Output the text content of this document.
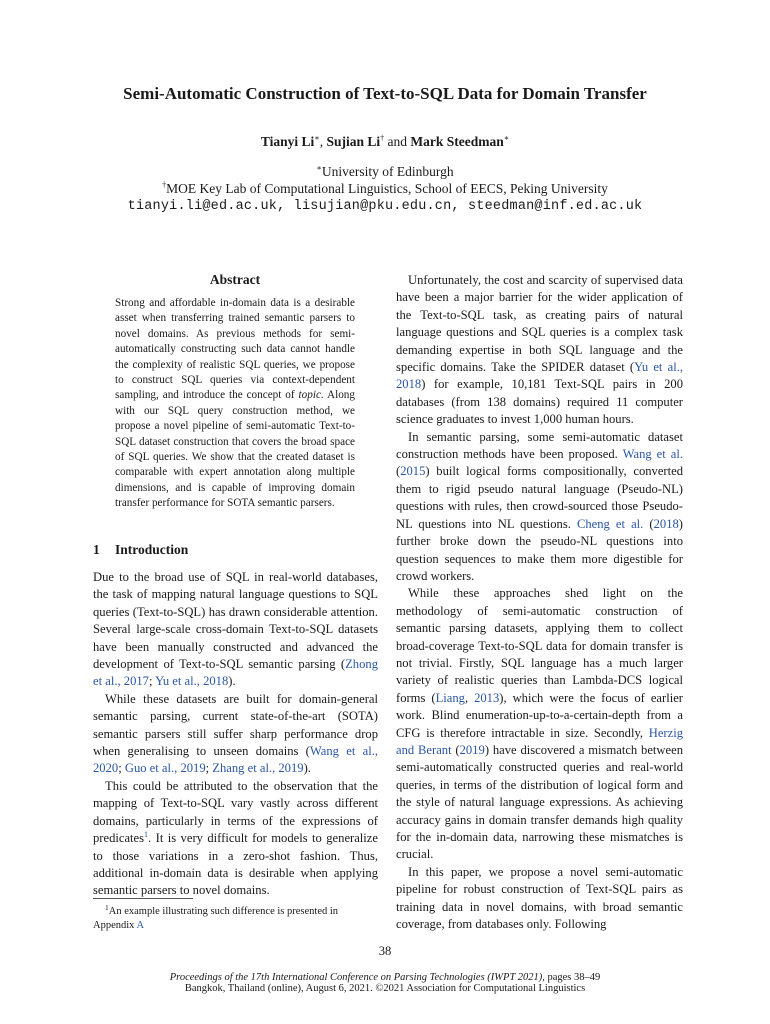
Semi-Automatic Construction of Text-to-SQL Data for Domain Transfer
Tianyi Li∗, Sujian Li† and Mark Steedman∗
∗University of Edinburgh
†MOE Key Lab of Computational Linguistics, School of EECS, Peking University
tianyi.li@ed.ac.uk, lisujian@pku.edu.cn, steedman@inf.ed.ac.uk
Abstract
Strong and affordable in-domain data is a desirable asset when transferring trained semantic parsers to novel domains. As previous methods for semi-automatically constructing such data cannot handle the complexity of realistic SQL queries, we propose to construct SQL queries via context-dependent sampling, and introduce the concept of topic. Along with our SQL query construction method, we propose a novel pipeline of semi-automatic Text-to-SQL dataset construction that covers the broad space of SQL queries. We show that the created dataset is comparable with expert annotation along multiple dimensions, and is capable of improving domain transfer performance for SOTA semantic parsers.
1 Introduction

Due to the broad use of SQL in real-world databases, the task of mapping natural language questions to SQL queries (Text-to-SQL) has drawn considerable attention. Several large-scale cross-domain Text-to-SQL datasets have been manually constructed and advanced the development of Text-to-SQL semantic parsing (Zhong et al., 2017; Yu et al., 2018).

While these datasets are built for domain-general semantic parsing, current state-of-the-art (SOTA) semantic parsers still suffer sharp performance drop when generalising to unseen domains (Wang et al., 2020; Guo et al., 2019; Zhang et al., 2019).

This could be attributed to the observation that the mapping of Text-to-SQL vary vastly across different domains, particularly in terms of the expressions of predicates$^1$. It is very difficult for models to generalize to those variations in a zero-shot fashion. Thus, additional in-domain data is desirable when applying semantic parsers to novel domains.

$^1$An example illustrating such difference is presented in Appendix A

Unfortunately, the cost and scarcity of supervised data have been a major barrier for the wider application of the Text-to-SQL task, as creating pairs of natural language questions and SQL queries is a complex task demanding expertise in both SQL language and the specific domains. Take the SPIDER dataset (Yu et al., 2018) for example, 10,181 Text-SQL pairs in 200 databases (from 138 domains) required 11 computer science graduates to invest 1,000 human hours.

In semantic parsing, some semi-automatic dataset construction methods have been proposed. Wang et al. (2015) built logical forms compositionally, converted them to rigid pseudo natural language (Pseudo-NL) questions with rules, then crowd-sourced those Pseudo-NL questions into NL questions. Cheng et al. (2018) further broke down the pseudo-NL questions into question sequences to make them more digestible for crowd workers.

While these approaches shed light on the methodology of semi-automatic construction of semantic parsing datasets, applying them to collect broad-coverage Text-to-SQL data for domain transfer is not trivial. Firstly, SQL language has a much larger variety of realistic queries than Lambda-DCS logical forms (Liang, 2013), which were the focus of earlier work. Blind enumeration-up-to-a-certain-depth from a CFG is therefore intractable in size. Secondly, Herzig and Berant (2019) have discovered a mismatch between semi-automatically constructed queries and real-world queries, in terms of the distribution of logical form and the style of natural language expressions. As achieving accuracy gains in domain transfer demands high quality for the in-domain data, narrowing these mismatches is crucial.

In this paper, we propose a novel semi-automatic pipeline for robust construction of Text-SQL pairs as training data in novel domains, with broad semantic coverage, from databases only. Following

38
Proceedings of the 17th International Conference on Parsing Technologies (IWPT 2021), pages 38–49
Bangkok, Thailand (online), August 6, 2021. ©2021 Association for Computational Linguistics
